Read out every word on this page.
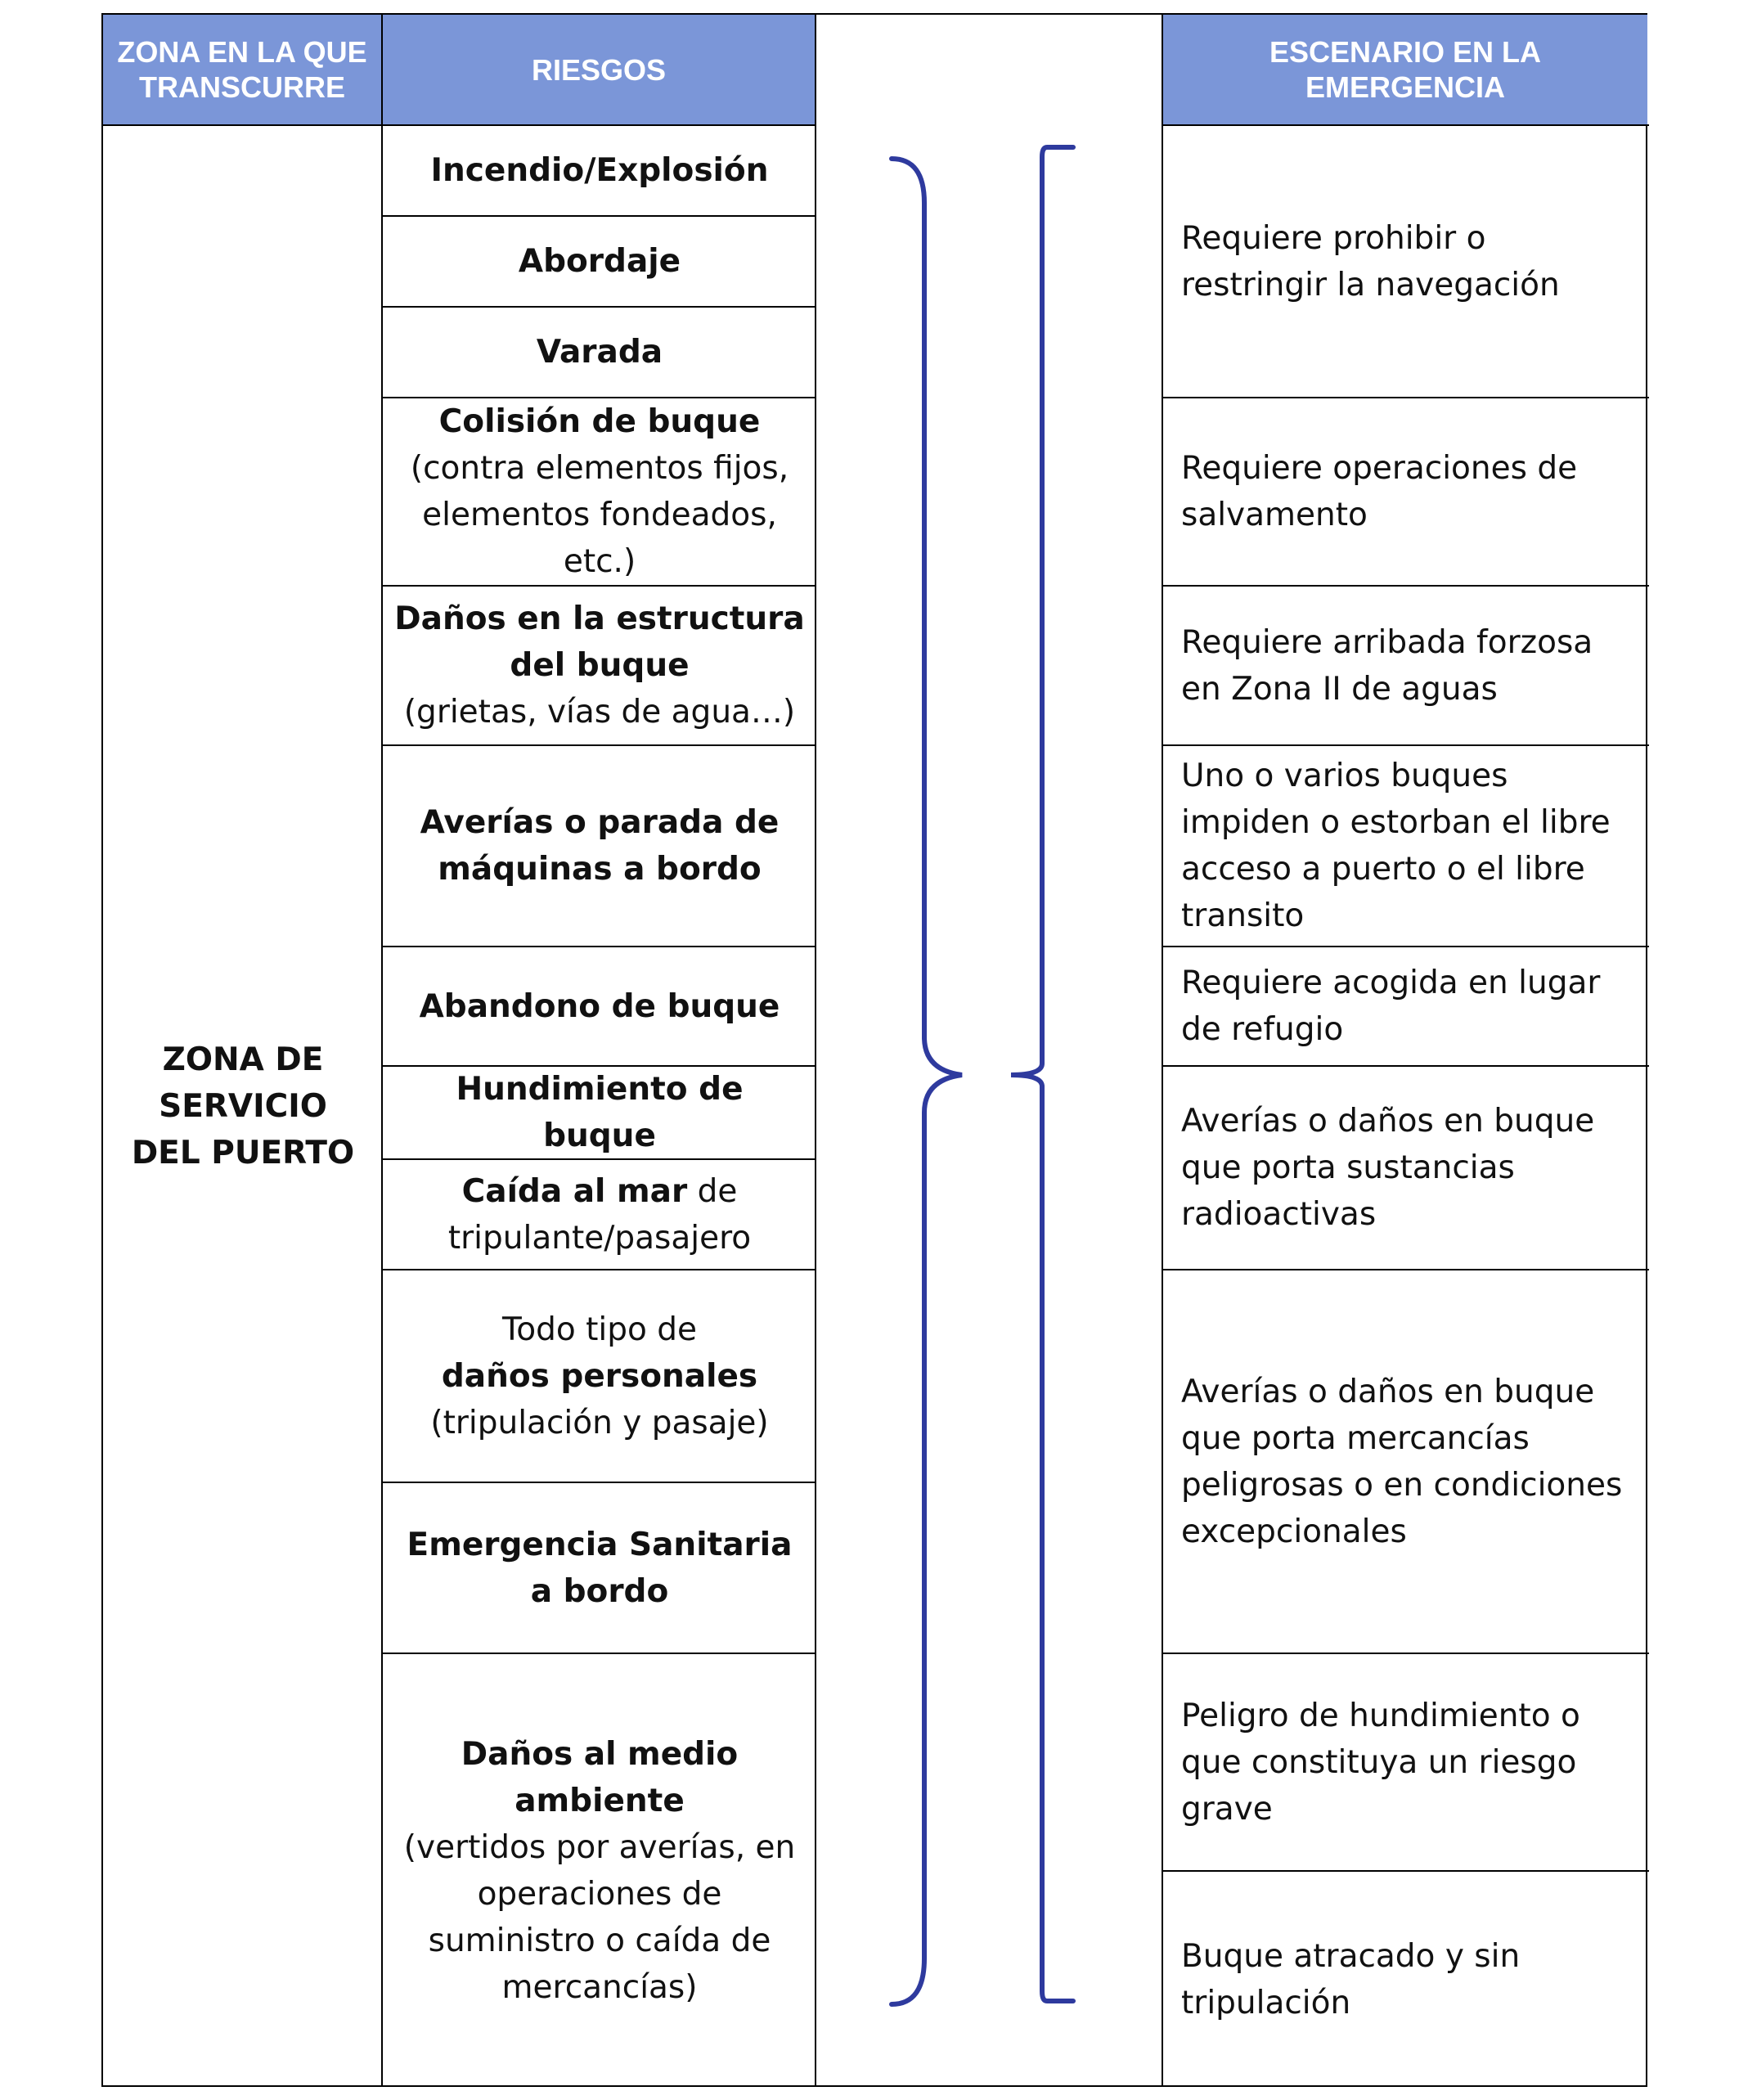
ZONA EN LA QUE TRANSCURRE
RIESGOS
ESCENARIO EN LA EMERGENCIA
ZONA DE SERVICIO DEL PUERTO
Incendio/Explosión
Abordaje
Varada
Colisión de buque
(contra elementos fijos, elementos fondeados, etc.)
Daños en la estructura del buque
(grietas, vías de agua…)
Averías o parada de máquinas a bordo
Abandono de buque
Hundimiento de buque
Caída al mar de tripulante/pasajero
Todo tipo de
daños personales
(tripulación y pasaje)
Emergencia Sanitaria a bordo
Daños al medio ambiente
(vertidos por averías, en operaciones de suministro o caída de mercancías)
Requiere prohibir o restringir la navegación
Requiere operaciones de salvamento
Requiere arribada forzosa en Zona II de aguas
Uno o varios buques impiden o estorban el libre acceso a puerto o el libre transito
Requiere acogida en lugar de refugio
Averías o daños en buque que porta sustancias radioactivas
Averías o daños en buque que porta mercancías peligrosas o en condiciones excepcionales
Peligro de hundimiento o que constituya un riesgo grave
Buque atracado y sin tripulación
